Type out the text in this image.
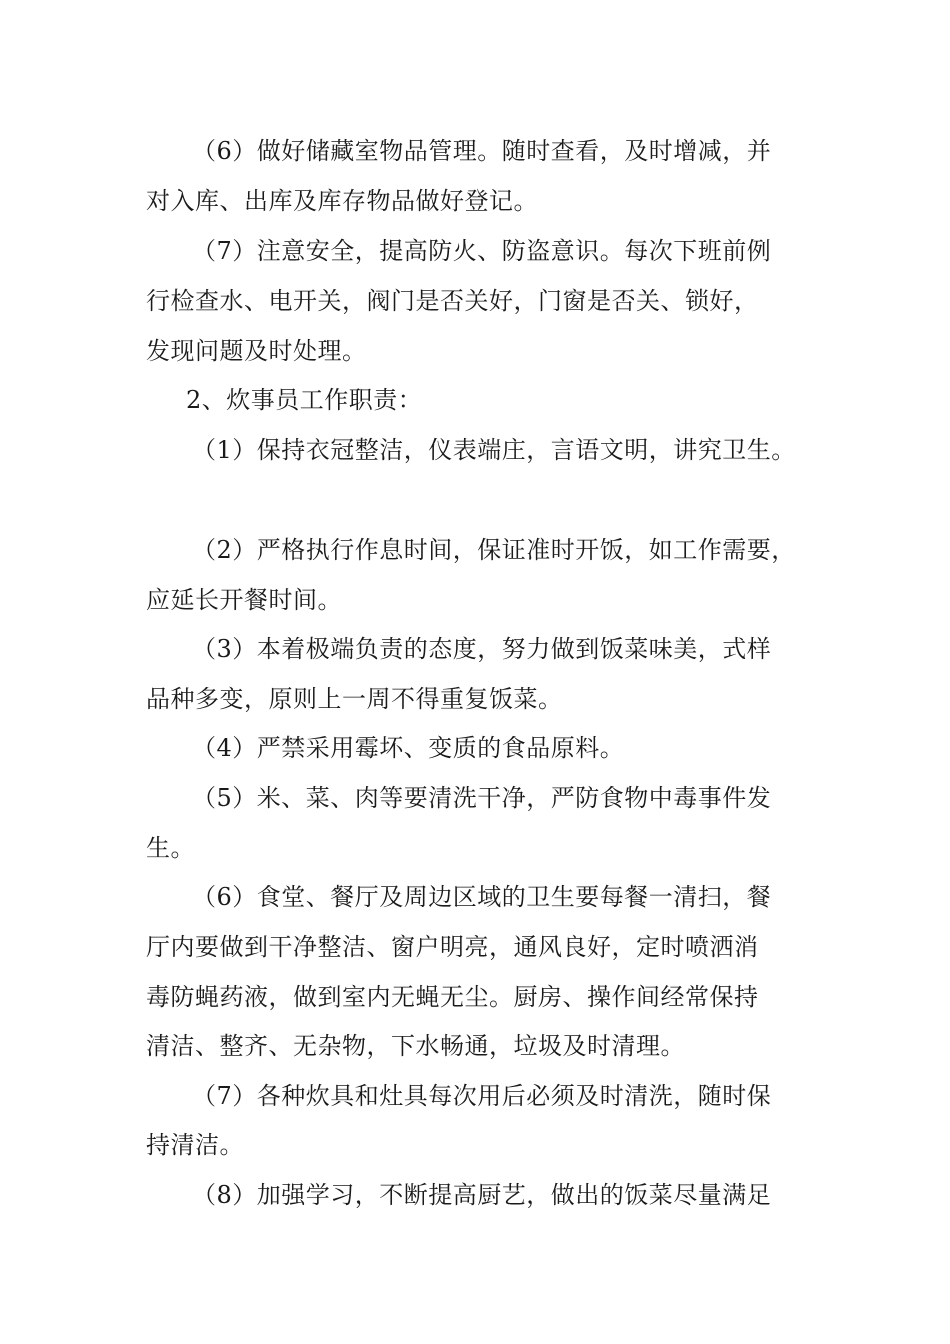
（6）做好储藏室物品管理。随时查看，及时增减，并
对入库、出库及库存物品做好登记。
（7）注意安全，提高防火、防盗意识。每次下班前例
行检查水、电开关，阀门是否关好，门窗是否关、锁好，
发现问题及时处理。
2、炊事员工作职责：
（1）保持衣冠整洁，仪表端庄，言语文明，讲究卫生。
（2）严格执行作息时间，保证准时开饭，如工作需要，
应延长开餐时间。
（3）本着极端负责的态度，努力做到饭菜味美，式样
品种多变，原则上一周不得重复饭菜。
（4）严禁采用霉坏、变质的食品原料。
（5）米、菜、肉等要清洗干净，严防食物中毒事件发
生。
（6）食堂、餐厅及周边区域的卫生要每餐一清扫，餐
厅内要做到干净整洁、窗户明亮，通风良好，定时喷洒消
毒防蝇药液，做到室内无蝇无尘。厨房、操作间经常保持
清洁、整齐、无杂物，下水畅通，垃圾及时清理。
（7）各种炊具和灶具每次用后必须及时清洗，随时保
持清洁。
（8）加强学习，不断提高厨艺，做出的饭菜尽量满足
